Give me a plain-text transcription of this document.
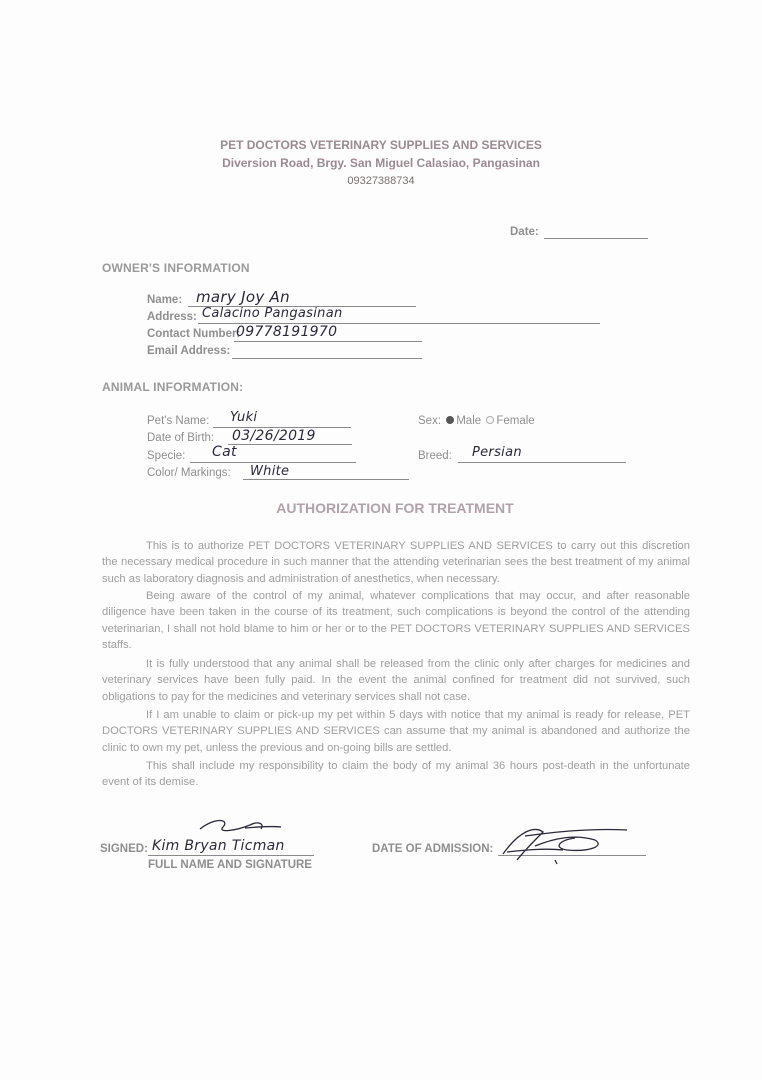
PET DOCTORS VETERINARY SUPPLIES AND SERVICES
Diversion Road, Brgy. San Miguel Calasiao, Pangasinan
09327388734
Date:
OWNER'S INFORMATION
Name: mary Joy An
Address: Calacino Pangasinan
Contact Number:
09778191970
Email Address:
ANIMAL INFORMATION:
Pet's Name: Yuki
Date of Birth: 03/26/2019
Specie: Cat
Color/ Markings: White
Sex: Male Female
Breed: Persian
AUTHORIZATION FOR TREATMENT

This is to authorize PET DOCTORS VETERINARY SUPPLIES AND SERVICES to carry out this discretion the necessary medical procedure in such manner that the attending veterinarian sees the best treatment of my animal such as laboratory diagnosis and administration of anesthetics, when necessary.

Being aware of the control of my animal, whatever complications that may occur, and after reasonable diligence have been taken in the course of its treatment, such complications is beyond the control of the attending veterinarian, I shall not hold blame to him or her or to the PET DOCTORS VETERINARY SUPPLIES AND SERVICES staffs.

It is fully understood that any animal shall be released from the clinic only after charges for medicines and veterinary services have been fully paid. In the event the animal confined for treatment did not survived, such obligations to pay for the medicines and veterinary services shall not case.

If I am unable to claim or pick-up my pet within 5 days with notice that my animal is ready for release, PET DOCTORS VETERINARY SUPPLIES AND SERVICES can assume that my animal is abandoned and authorize the clinic to own my pet, unless the previous and on-going bills are settled.

This shall include my responsibility to claim the body of my animal 36 hours post-death in the unfortunate event of its demise.

SIGNED: Kim Bryan Ticman
FULL NAME AND SIGNATURE
DATE OF ADMISSION:
